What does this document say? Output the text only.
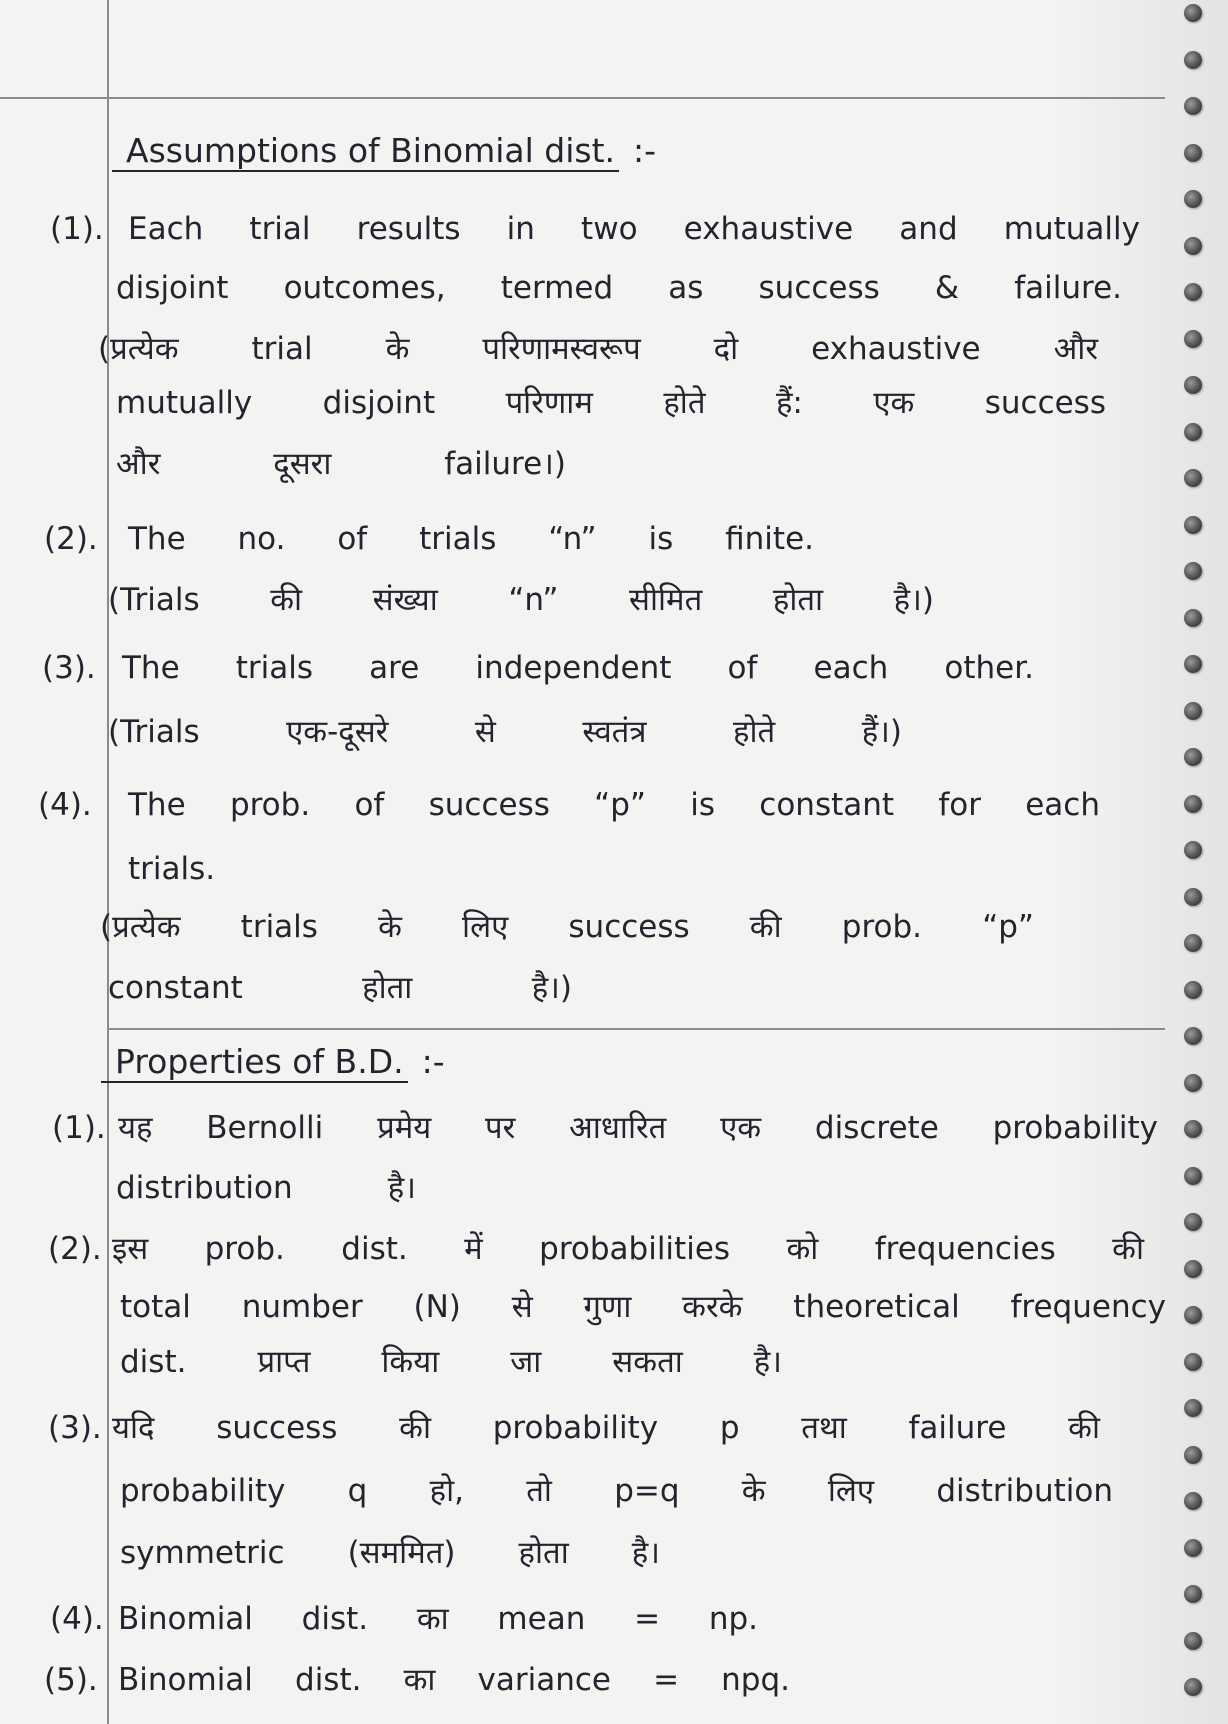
Assumptions of Binomial dist. :-
(1). Each trial results in two exhaustive and mutually
disjoint outcomes, termed as success & failure.
(प्रत्येक trial के परिणामस्वरूप दो exhaustive और
mutually disjoint परिणाम होते हैं: एक success
और दूसरा failure।)
(2). The no. of trials “n” is finite.
(Trials की संख्या “n” सीमित होता है।)
(3). The trials are independent of each other.
(Trials एक-दूसरे से स्वतंत्र होते हैं।)
(4). The prob. of success “p” is constant for each
trials.
(प्रत्येक trials के लिए success की prob. “p”
constant होता है।)
Properties of B.D. :-
(1). यह Bernolli प्रमेय पर आधारित एक discrete probability
distribution है।
(2). इस prob. dist. में probabilities को frequencies की
total number (N) से गुणा करके theoretical frequency
dist. प्राप्त किया जा सकता है।
(3). यदि success की probability p तथा failure की
probability q हो, तो p=q के लिए distribution
symmetric (सममित) होता है।
(4). Binomial dist. का mean = np.
(5). Binomial dist. का variance = npq.
